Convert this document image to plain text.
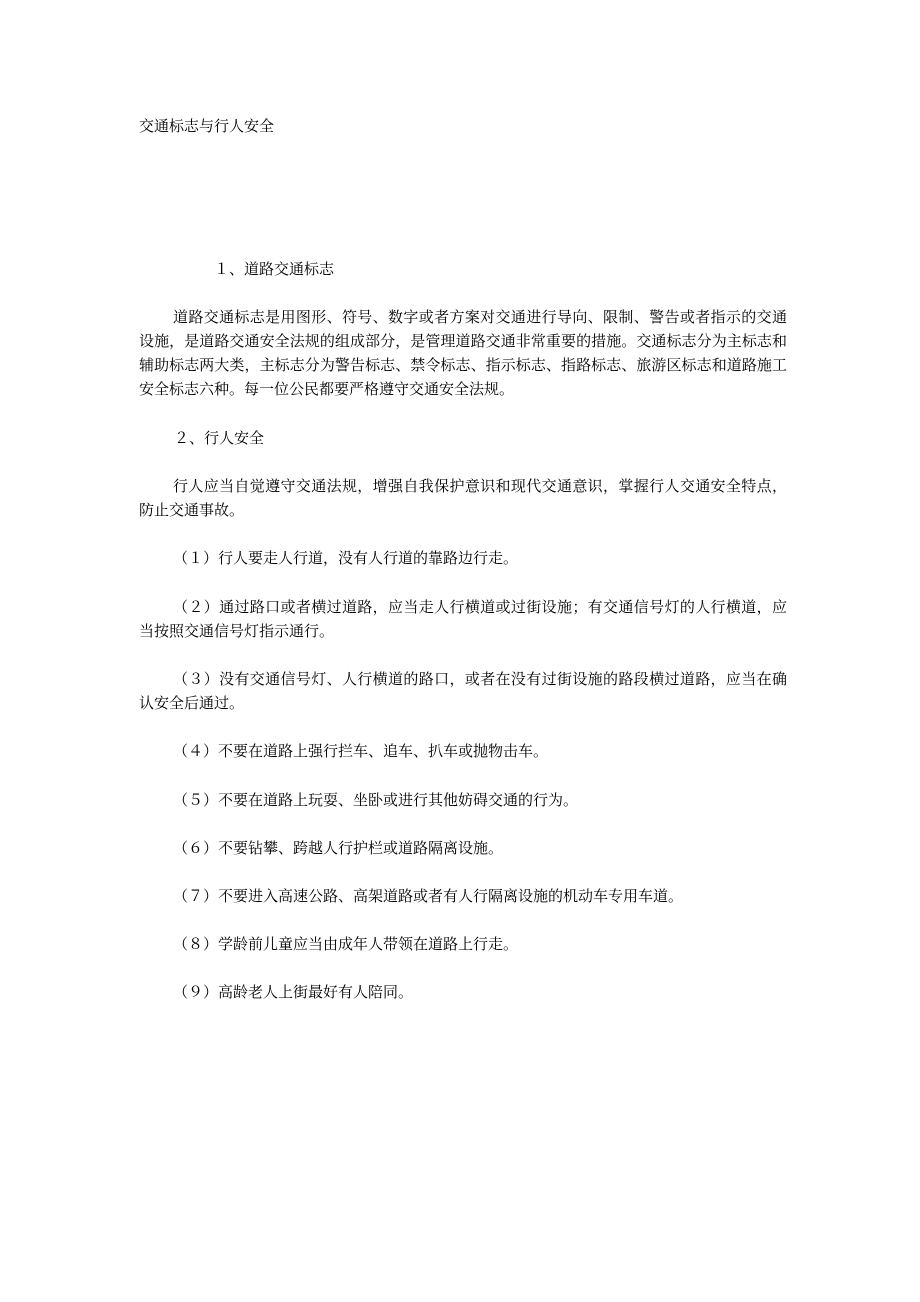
交通标志与行人安全
１、道路交通标志
道路交通标志是用图形、符号、数字或者方案对交通进行导向、限制、警告或者指示的交通设施，是道路交通安全法规的组成部分，是管理道路交通非常重要的措施。交通标志分为主标志和辅助标志两大类，主标志分为警告标志、禁令标志、指示标志、指路标志、旅游区标志和道路施工安全标志六种。每一位公民都要严格遵守交通安全法规。
２、行人安全
行人应当自觉遵守交通法规，增强自我保护意识和现代交通意识，掌握行人交通安全特点，防止交通事故。
（１）行人要走人行道，没有人行道的靠路边行走。
（２）通过路口或者横过道路，应当走人行横道或过街设施；有交通信号灯的人行横道，应当按照交通信号灯指示通行。
（３）没有交通信号灯、人行横道的路口，或者在没有过街设施的路段横过道路，应当在确认安全后通过。
（４）不要在道路上强行拦车、追车、扒车或抛物击车。
（５）不要在道路上玩耍、坐卧或进行其他妨碍交通的行为。
（６）不要钻攀、跨越人行护栏或道路隔离设施。
（７）不要进入高速公路、高架道路或者有人行隔离设施的机动车专用车道。
（８）学龄前儿童应当由成年人带领在道路上行走。
（９）高龄老人上街最好有人陪同。
